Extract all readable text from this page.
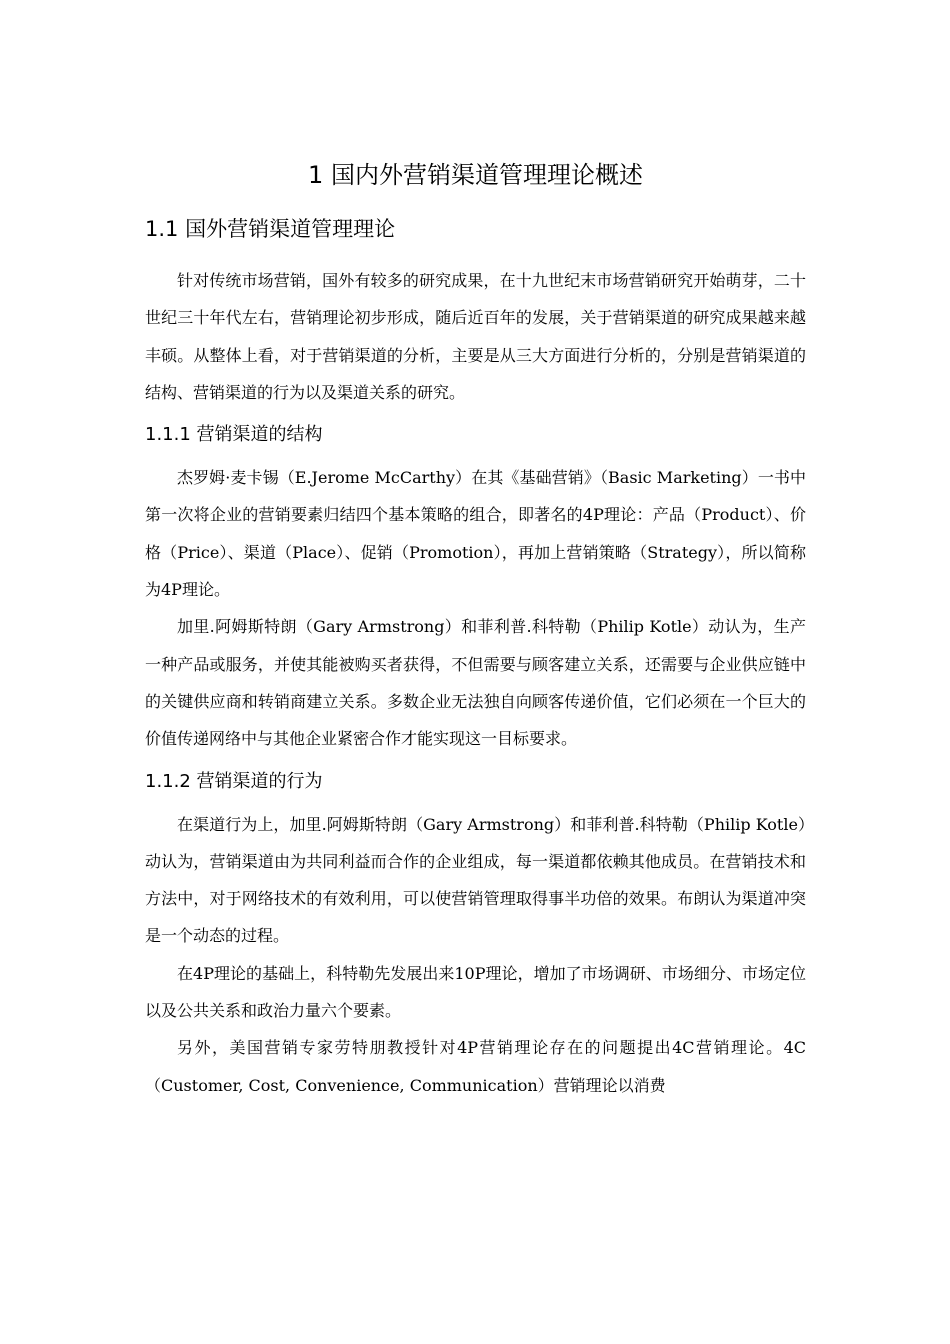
1 国内外营销渠道管理理论概述
1.1 国外营销渠道管理理论

针对传统市场营销，国外有较多的研究成果，在十九世纪末市场营销研究开始萌芽，二十世纪三十年代左右，营销理论初步形成，随后近百年的发展，关于营销渠道的研究成果越来越丰硕。从整体上看，对于营销渠道的分析，主要是从三大方面进行分析的，分别是营销渠道的结构、营销渠道的行为以及渠道关系的研究。

1.1.1 营销渠道的结构

杰罗姆·麦卡锡（E.Jerome McCarthy）在其《基础营销》（Basic Marketing）一书中第一次将企业的营销要素归结四个基本策略的组合，即著名的4P理论：产品（Product）、价格（Price）、渠道（Place）、促销（Promotion），再加上营销策略（Strategy），所以简称为4P理论。

加里.阿姆斯特朗（Gary Armstrong）和菲利普.科特勒（Philip Kotle）动认为，生产一种产品或服务，并使其能被购买者获得，不但需要与顾客建立关系，还需要与企业供应链中的关键供应商和转销商建立关系。多数企业无法独自向顾客传递价值，它们必须在一个巨大的价值传递网络中与其他企业紧密合作才能实现这一目标要求。

1.1.2 营销渠道的行为

在渠道行为上，加里.阿姆斯特朗（Gary Armstrong）和菲利普.科特勒（Philip Kotle）动认为，营销渠道由为共同利益而合作的企业组成，每一渠道都依赖其他成员。在营销技术和方法中，对于网络技术的有效利用，可以使营销管理取得事半功倍的效果。布朗认为渠道冲突是一个动态的过程。

在4P理论的基础上，科特勒先发展出来10P理论，增加了市场调研、市场细分、市场定位以及公共关系和政治力量六个要素。

另外，美国营销专家劳特朋教授针对4P营销理论存在的问题提出4C营销理论。4C（Customer, Cost, Convenience, Communication）营销理论以消费
